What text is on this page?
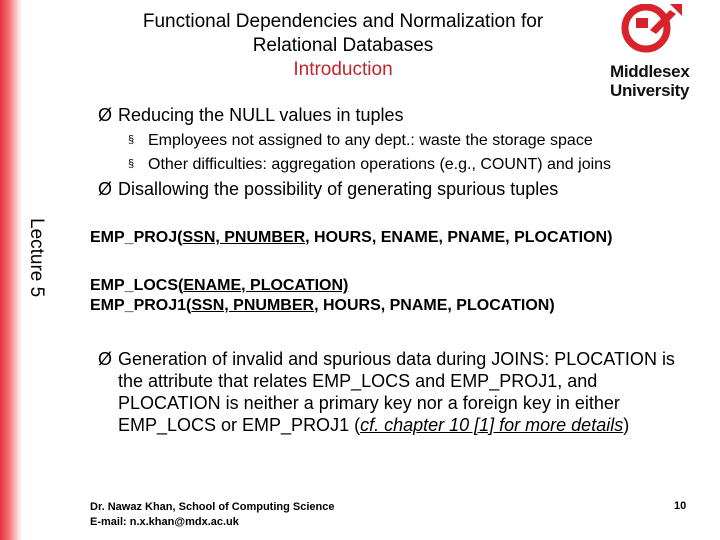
Functional Dependencies and Normalization for
Relational Databases
Introduction	Middlesex
University
Ø Reducing the NULL values in tuples
§ Employees not assigned to any dept.: waste the storage space
§ Other difficulties: aggregation operations (e.g., COUNT) and joins
Ø Disallowing the possibility of generating spurious tuples
Lecture 5	EMP_PROJ(SSN, PNUMBER, HOURS, ENAME, PNAME, PLOCATION)
EMP_LOCS(ENAME, PLOCATION)
EMP_PROJ1(SSN, PNUMBER, HOURS, PNAME, PLOCATION)
Ø Generation of invalid and spurious data during JOINS: PLOCATION is the attribute that relates EMP_LOCS and EMP_PROJ1, and PLOCATION is neither a primary key nor a foreign key in either EMP_LOCS or EMP_PROJ1 (cf. chapter 10 [1] for more details)
Dr. Nawaz Khan, School of Computing Science
E-mail: n.x.khan@mdx.ac.uk
10
